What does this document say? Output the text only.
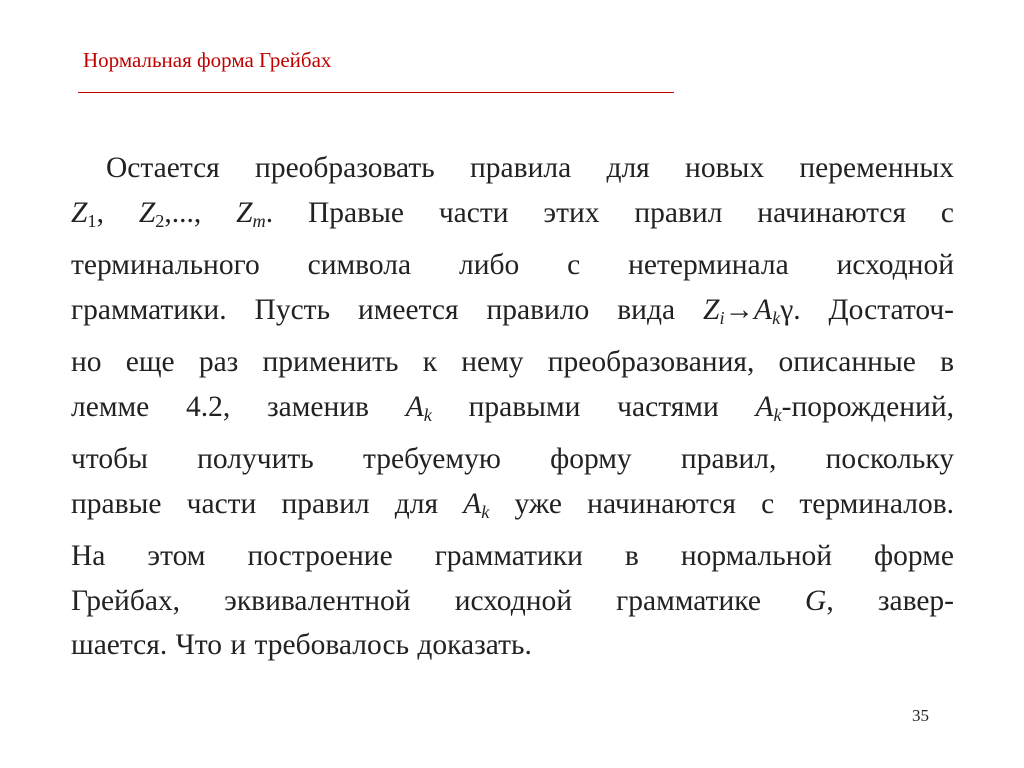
Нормальная форма Грейбах
Остается преобразовать правила для новых переменных
$Z_1$, $Z_2$,..., $Z_m$. Правые части этих правил начинаются с
терминального символа либо с нетерминала исходной
грамматики. Пусть имеется правило вида $Z_i\to A_k\gamma$. Достаточ-
но еще раз применить к нему преобразования, описанные в
лемме 4.2, заменив $A_k$ правыми частями $A_k$-порождений,
чтобы получить требуемую форму правил, поскольку
правые части правил для $A_k$ уже начинаются с терминалов.
На этом построение грамматики в нормальной форме
Грейбах, эквивалентной исходной грамматике G, завер-
шается. Что и требовалось доказать.
35
